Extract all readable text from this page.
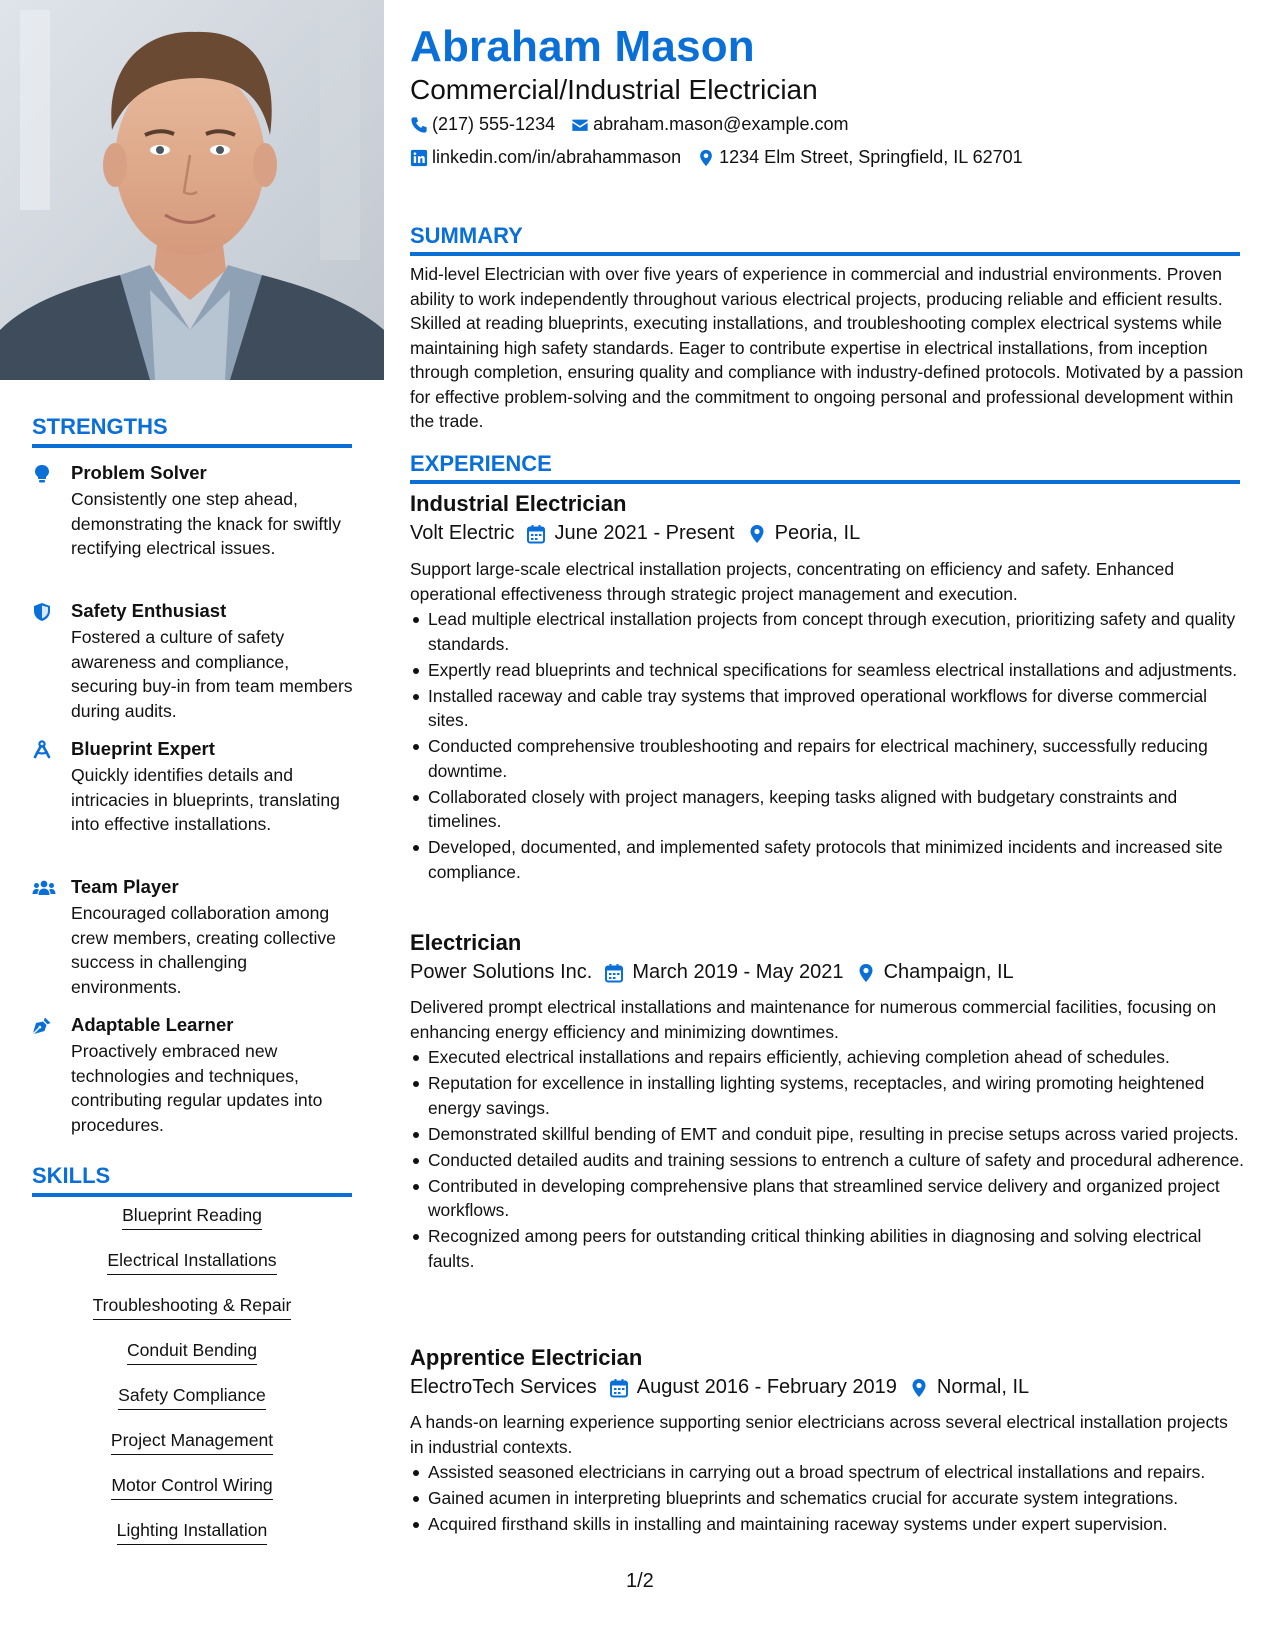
STRENGTHS
Problem Solver
Consistently one step ahead, demonstrating the knack for swiftly rectifying electrical issues.
Safety Enthusiast
Fostered a culture of safety awareness and compliance, securing buy-in from team members during audits.
Blueprint Expert
Quickly identifies details and intricacies in blueprints, translating into effective installations.
Team Player
Encouraged collaboration among crew members, creating collective success in challenging environments.
Adaptable Learner
Proactively embraced new technologies and techniques, contributing regular updates into procedures.
SKILLS
Blueprint Reading
Electrical Installations
Troubleshooting & Repair
Conduit Bending
Safety Compliance
Project Management
Motor Control Wiring
Lighting Installation
Abraham Mason
Commercial/Industrial Electrician
(217) 555-1234 abraham.mason@example.com
linkedin.com/in/abrahammason 1234 Elm Street, Springfield, IL 62701
SUMMARY
Mid-level Electrician with over five years of experience in commercial and industrial environments. Proven ability to work independently throughout various electrical projects, producing reliable and efficient results. Skilled at reading blueprints, executing installations, and troubleshooting complex electrical systems while maintaining high safety standards. Eager to contribute expertise in electrical installations, from inception through completion, ensuring quality and compliance with industry-defined protocols. Motivated by a passion for effective problem-solving and the commitment to ongoing personal and professional development within the trade.
EXPERIENCE
Industrial Electrician
Volt Electric June 2021 - Present Peoria, IL
Support large-scale electrical installation projects, concentrating on efficiency and safety. Enhanced operational effectiveness through strategic project management and execution.
Lead multiple electrical installation projects from concept through execution, prioritizing safety and quality standards.
Expertly read blueprints and technical specifications for seamless electrical installations and adjustments.
Installed raceway and cable tray systems that improved operational workflows for diverse commercial sites.
Conducted comprehensive troubleshooting and repairs for electrical machinery, successfully reducing downtime.
Collaborated closely with project managers, keeping tasks aligned with budgetary constraints and timelines.
Developed, documented, and implemented safety protocols that minimized incidents and increased site compliance.
Electrician
Power Solutions Inc. March 2019 - May 2021 Champaign, IL
Delivered prompt electrical installations and maintenance for numerous commercial facilities, focusing on enhancing energy efficiency and minimizing downtimes.
Executed electrical installations and repairs efficiently, achieving completion ahead of schedules.
Reputation for excellence in installing lighting systems, receptacles, and wiring promoting heightened energy savings.
Demonstrated skillful bending of EMT and conduit pipe, resulting in precise setups across varied projects.
Conducted detailed audits and training sessions to entrench a culture of safety and procedural adherence.
Contributed in developing comprehensive plans that streamlined service delivery and organized project workflows.
Recognized among peers for outstanding critical thinking abilities in diagnosing and solving electrical faults.
Apprentice Electrician
ElectroTech Services August 2016 - February 2019 Normal, IL
A hands-on learning experience supporting senior electricians across several electrical installation projects in industrial contexts.
Assisted seasoned electricians in carrying out a broad spectrum of electrical installations and repairs.
Gained acumen in interpreting blueprints and schematics crucial for accurate system integrations.
Acquired firsthand skills in installing and maintaining raceway systems under expert supervision.
1/2
